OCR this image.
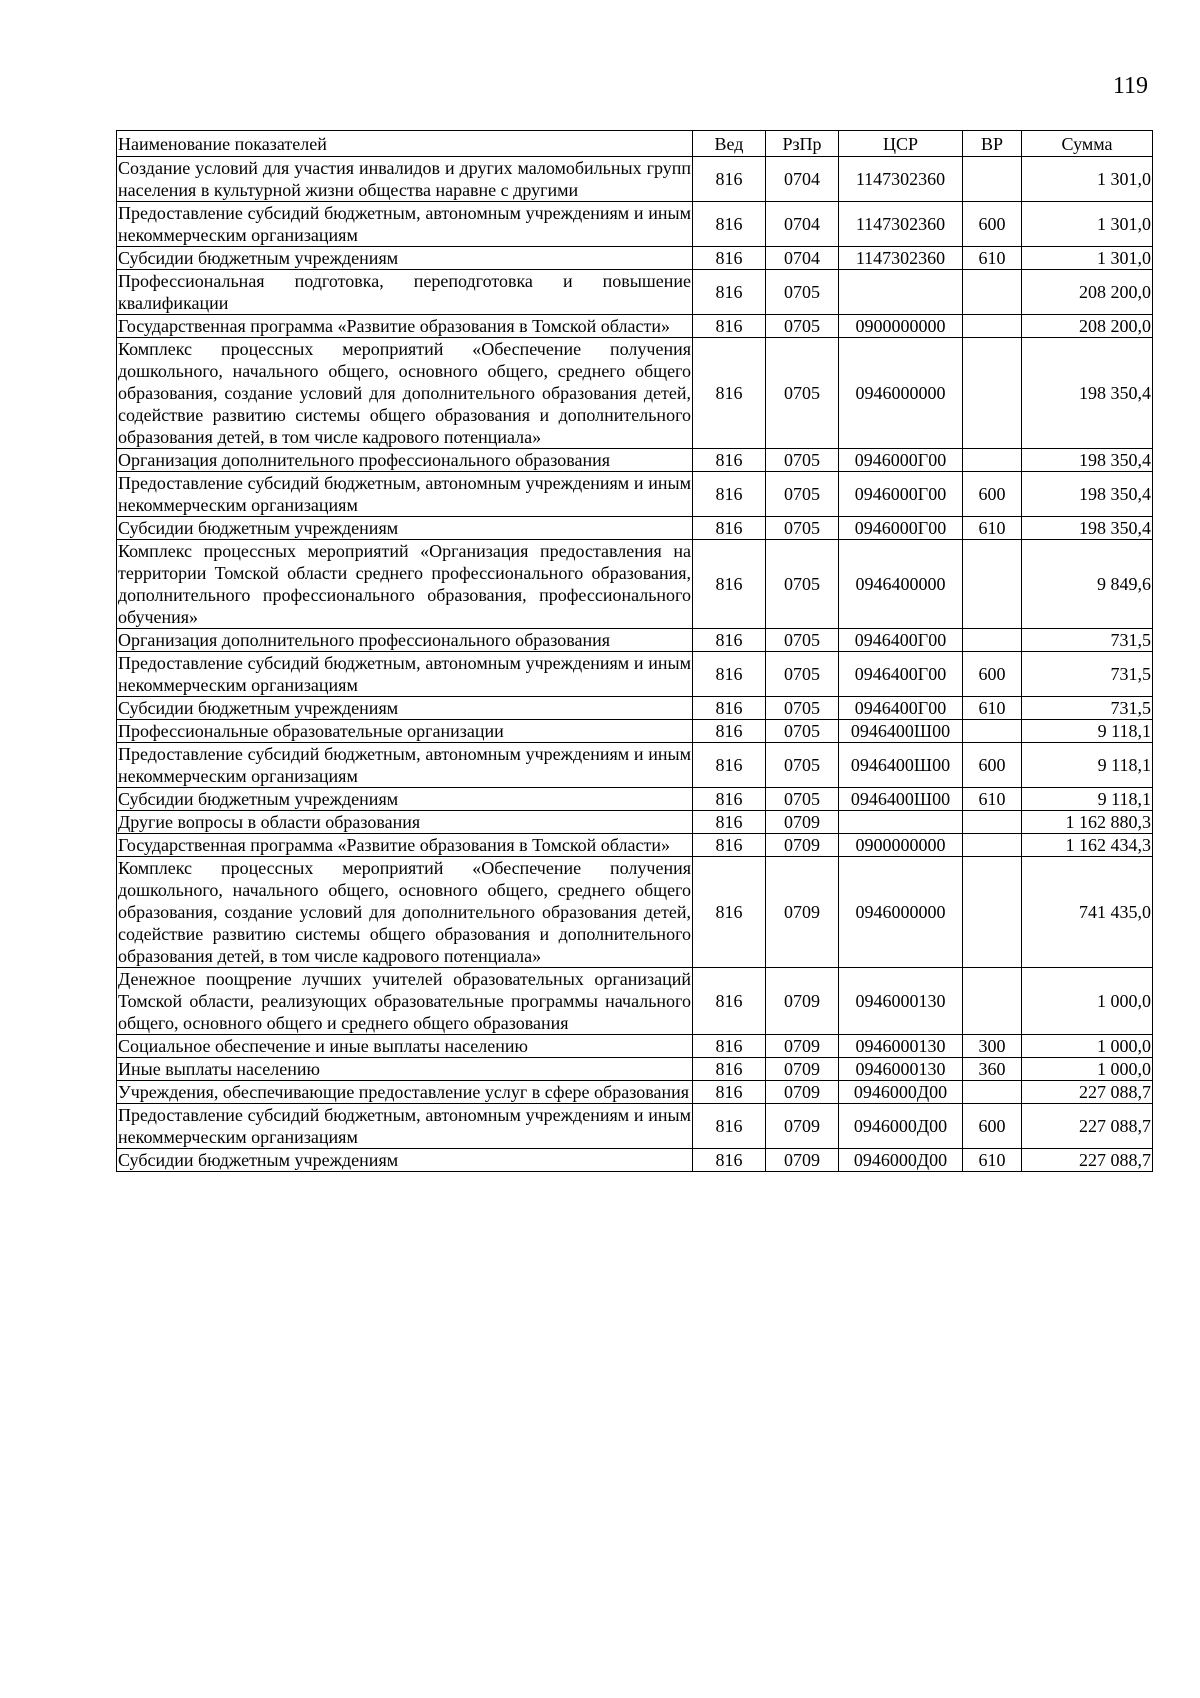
119
Наименование показателей	Вед	РзПр	ЦСР	ВР	Сумма
Создание условий для участия инвалидов и других маломобильных групп населения в культурной жизни общества наравне с другими	816	0704	1147302360		1 301,0
Предоставление субсидий бюджетным, автономным учреждениям и иным некоммерческим организациям	816	0704	1147302360	600	1 301,0
Субсидии бюджетным учреждениям	816	0704	1147302360	610	1 301,0
Профессиональная подготовка, переподготовка и повышение квалификации	816	0705			208 200,0
Государственная программа «Развитие образования в Томской области»	816	0705	0900000000		208 200,0
Комплекс процессных мероприятий «Обеспечение получения дошкольного, начального общего, основного общего, среднего общего образования, создание условий для дополнительного образования детей, содействие развитию системы общего образования и дополнительного образования детей, в том числе кадрового потенциала»	816	0705	0946000000		198 350,4
Организация дополнительного профессионального образования	816	0705	0946000Г00		198 350,4
Предоставление субсидий бюджетным, автономным учреждениям и иным некоммерческим организациям	816	0705	0946000Г00	600	198 350,4
Субсидии бюджетным учреждениям	816	0705	0946000Г00	610	198 350,4
Комплекс процессных мероприятий «Организация предоставления на территории Томской области среднего профессионального образования, дополнительного профессионального образования, профессионального обучения»	816	0705	0946400000		9 849,6
Организация дополнительного профессионального образования	816	0705	0946400Г00		731,5
Предоставление субсидий бюджетным, автономным учреждениям и иным некоммерческим организациям	816	0705	0946400Г00	600	731,5
Субсидии бюджетным учреждениям	816	0705	0946400Г00	610	731,5
Профессиональные образовательные организации	816	0705	0946400Ш00		9 118,1
Предоставление субсидий бюджетным, автономным учреждениям и иным некоммерческим организациям	816	0705	0946400Ш00	600	9 118,1
Субсидии бюджетным учреждениям	816	0705	0946400Ш00	610	9 118,1
Другие вопросы в области образования	816	0709			1 162 880,3
Государственная программа «Развитие образования в Томской области»	816	0709	0900000000		1 162 434,3
Комплекс процессных мероприятий «Обеспечение получения дошкольного, начального общего, основного общего, среднего общего образования, создание условий для дополнительного образования детей, содействие развитию системы общего образования и дополнительного образования детей, в том числе кадрового потенциала»	816	0709	0946000000		741 435,0
Денежное поощрение лучших учителей образовательных организаций Томской области, реализующих образовательные программы начального общего, основного общего и среднего общего образования	816	0709	0946000130		1 000,0
Социальное обеспечение и иные выплаты населению	816	0709	0946000130	300	1 000,0
Иные выплаты населению	816	0709	0946000130	360	1 000,0
Учреждения, обеспечивающие предоставление услуг в сфере образования	816	0709	0946000Д00		227 088,7
Предоставление субсидий бюджетным, автономным учреждениям и иным некоммерческим организациям	816	0709	0946000Д00	600	227 088,7
Субсидии бюджетным учреждениям	816	0709	0946000Д00	610	227 088,7
